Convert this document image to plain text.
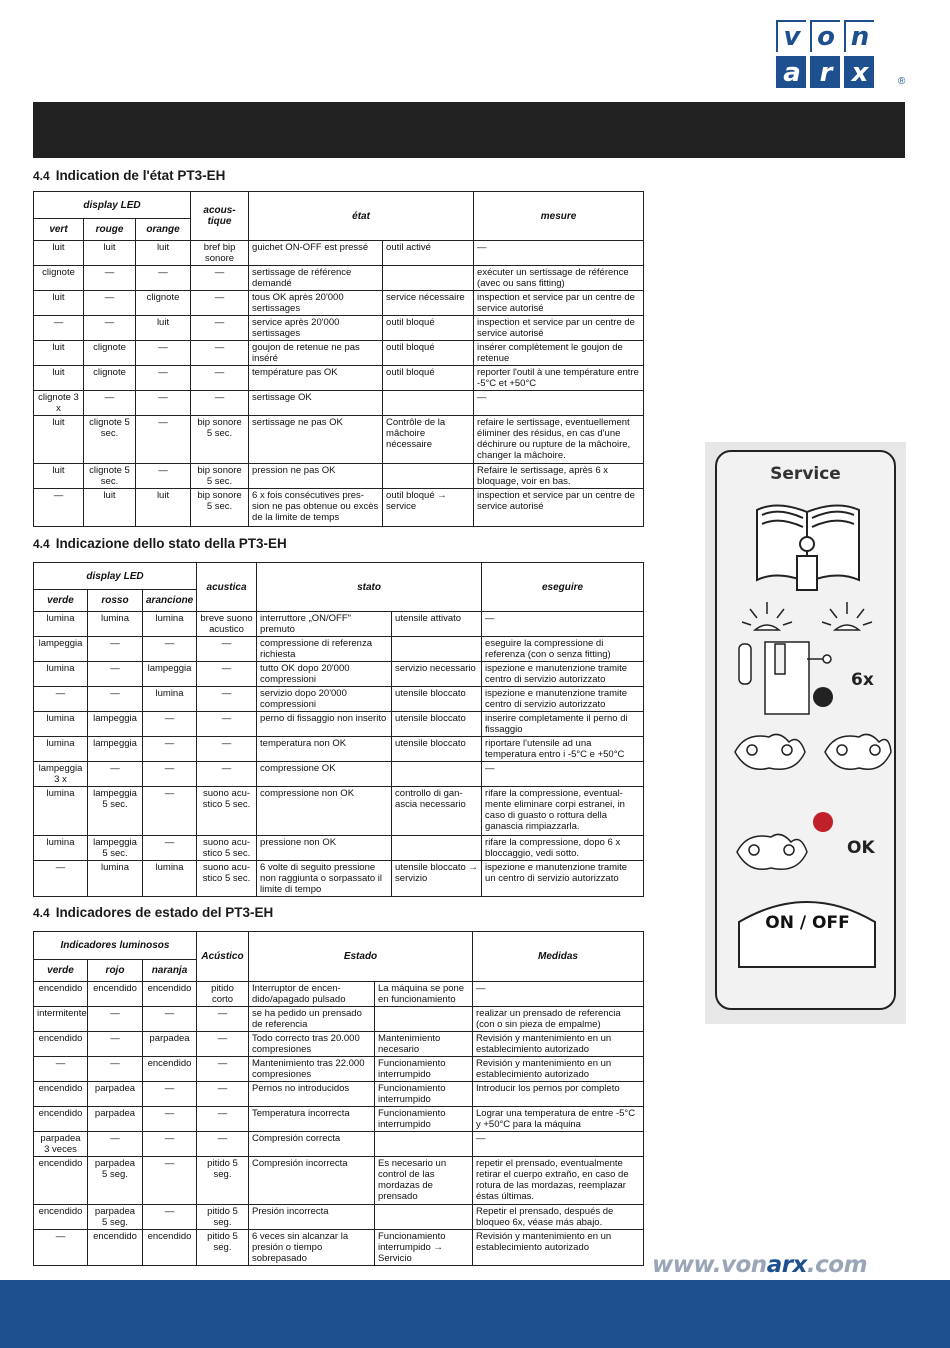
v o n
a r x	®
4.4 Indication de l'état PT3-EH
display LED			acous-tique	état		mesure
vert	rouge	orange				
luit	luit	luit	bref bip sonore	guichet ON-OFF est pressé	outil activé	—
clignote	—	—	—	sertissage de référence demandé		exécuter un sertissage de référence (avec ou sans fitting)
luit	—	clignote	—	tous OK après 20'000 sertissages	service nécessaire	inspection et service par un centre de service autorisé
—	—	luit	—	service après 20'000 sertissages	outil bloqué	inspection et service par un centre de service autorisé
luit	clignote	—	—	goujon de retenue ne pas inséré	outil bloqué	insérer complètement le goujon de retenue
luit	clignote	—	—	température pas OK	outil bloqué	reporter l'outil à une température entre -5°C et +50°C
clignote 3 x	—	—	—	sertissage OK		—
luit	clignote 5 sec.	—	bip sonore 5 sec.	sertissage ne pas OK	Contrôle de la mâchoire nécessaire	refaire le sertissage, eventuellement éliminer des résidus, en cas d'une déchirure ou rupture de la mâchoire, changer la mâchoire.
luit	clignote 5 sec.	—	bip sonore 5 sec.	pression ne pas OK		Refaire le sertissage, après 6 x bloquage, voir en bas.
—	luit	luit	bip sonore 5 sec.	6 x fois consécutives pres-sion ne pas obtenue ou excès de la limite de temps	outil bloqué → service	inspection et service par un centre de service autorisé
4.4 Indicazione dello stato della PT3-EH
display LED			acustica	stato		eseguire
verde	rosso	arancione				
lumina	lumina	lumina	breve suono acustico	interruttore „ON/OFF" premuto	utensile attivato	—
lampeggia	—	—	—	compressione di referenza richiesta		eseguire la compressione di referenza (con o senza fitting)
lumina	—	lampeggia	—	tutto OK dopo 20'000 compressioni	servizio necessario	ispezione e manutenzione tramite centro di servizio autorizzato
—	—	lumina	—	servizio dopo 20'000 compressioni	utensile bloccato	ispezione e manutenzione tramite centro di servizio autorizzato
lumina	lampeggia	—	—	perno di fissaggio non inserito	utensile bloccato	inserire completamente il perno di fissaggio
lumina	lampeggia	—	—	temperatura non OK	utensile bloccato	riportare l'utensile ad una temperatura entro i -5°C e +50°C
lampeggia 3 x	—	—	—	compressione OK		—
lumina	lampeggia 5 sec.	—	suono acu-stico 5 sec.	compressione non OK	controllo di gan-ascia necessario	rifare la compressione, eventual-mente eliminare corpi estranei, in caso di guasto o rottura della ganascia rimpiazzarla.
lumina	lampeggia 5 sec.	—	suono acu-stico 5 sec.	pressione non OK		rifare la compressione, dopo 6 x bloccaggio, vedi sotto.
—	lumina	lumina	suono acu-stico 5 sec.	6 volte di seguito pressione non raggiunta o sorpassato il limite di tempo	utensile bloccato → servizio	ispezione e manutenzione tramite un centro di servizio autorizzato
4.4 Indicadores de estado del PT3-EH
Indicadores luminosos			Acústico	Estado		Medidas
verde	rojo	naranja				
encendido	encendido	encendido	pitido corto	Interruptor de encen-dido/apagado pulsado	La máquina se pone en funcionamiento	—
intermitente	—	—	—	se ha pedido un prensado de referencia		realizar un prensado de referencia (con o sin pieza de empalme)
encendido	—	parpadea	—	Todo correcto tras 20.000 compresiones	Mantenimiento necesario	Revisión y mantenimiento en un establecimiento autorizado
—	—	encendido	—	Mantenimiento tras 22.000 compresiones	Funcionamiento interrumpido	Revisión y mantenimiento en un establecimiento autorizado
encendido	parpadea	—	—	Pernos no introducidos	Funcionamiento interrumpido	Introducir los pernos por completo
encendido	parpadea	—	—	Temperatura incorrecta	Funcionamiento interrumpido	Lograr una temperatura de entre -5°C y +50°C para la máquina
parpadea 3 veces	—	—	—	Compresión correcta		—
encendido	parpadea 5 seg.	—	pitido 5 seg.	Compresión incorrecta	Es necesario un control de las mordazas de prensado	repetir el prensado, eventualmente retirar el cuerpo extraño, en caso de rotura de las mordazas, reemplazar éstas últimas.
encendido	parpadea 5 seg.	—	pitido 5 seg.	Presión incorrecta		Repetir el prensado, después de bloqueo 6x, véase más abajo.
—	encendido	encendido	pitido 5 seg.	6 veces sin alcanzar la presión o tiempo sobrepasado	Funcionamiento interrumpido → Servicio	Revisión y mantenimiento en un establecimiento autorizado
Service
6x
OK
ON / OFF
www.vonarx.com
